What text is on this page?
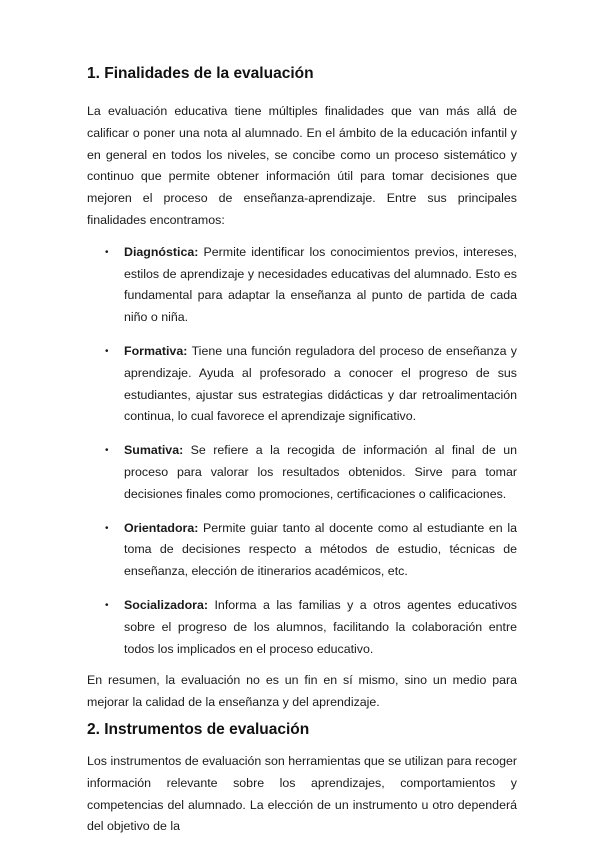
1. Finalidades de la evaluación

La evaluación educativa tiene múltiples finalidades que van más allá de calificar o poner una nota al alumnado. En el ámbito de la educación infantil y en general en todos los niveles, se concibe como un proceso sistemático y continuo que permite obtener información útil para tomar decisiones que mejoren el proceso de enseñanza-aprendizaje. Entre sus principales finalidades encontramos:

• Diagnóstica: Permite identificar los conocimientos previos, intereses, estilos de aprendizaje y necesidades educativas del alumnado. Esto es fundamental para adaptar la enseñanza al punto de partida de cada niño o niña.
• Formativa: Tiene una función reguladora del proceso de enseñanza y aprendizaje. Ayuda al profesorado a conocer el progreso de sus estudiantes, ajustar sus estrategias didácticas y dar retroalimentación continua, lo cual favorece el aprendizaje significativo.
• Sumativa: Se refiere a la recogida de información al final de un proceso para valorar los resultados obtenidos. Sirve para tomar decisiones finales como promociones, certificaciones o calificaciones.
• Orientadora: Permite guiar tanto al docente como al estudiante en la toma de decisiones respecto a métodos de estudio, técnicas de enseñanza, elección de itinerarios académicos, etc.
• Socializadora: Informa a las familias y a otros agentes educativos sobre el progreso de los alumnos, facilitando la colaboración entre todos los implicados en el proceso educativo.

En resumen, la evaluación no es un fin en sí mismo, sino un medio para mejorar la calidad de la enseñanza y del aprendizaje.

2. Instrumentos de evaluación

Los instrumentos de evaluación son herramientas que se utilizan para recoger información relevante sobre los aprendizajes, comportamientos y competencias del alumnado. La elección de un instrumento u otro dependerá del objetivo de la
